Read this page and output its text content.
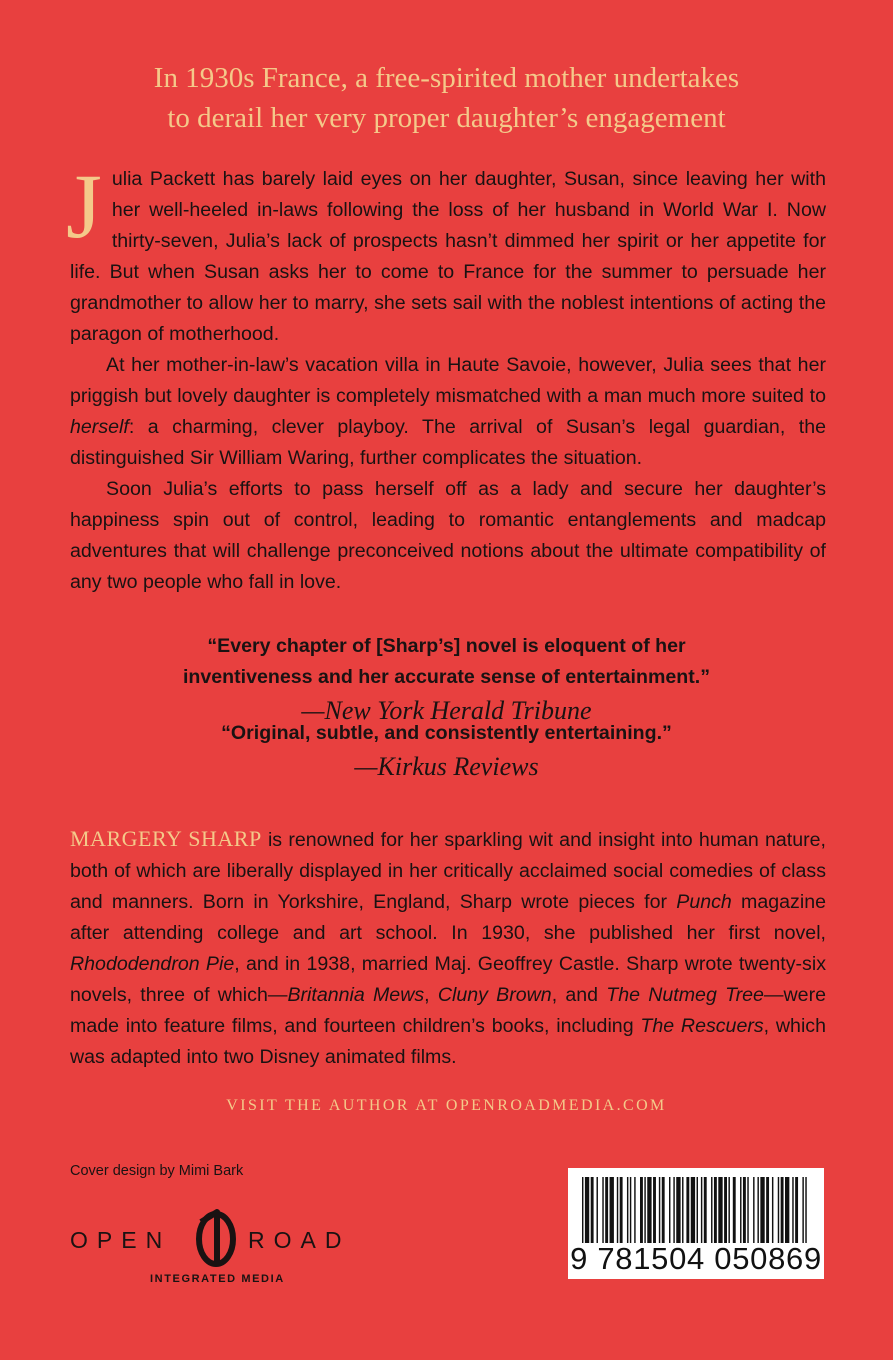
In 1930s France, a free-spirited mother undertakes
to derail her very proper daughter’s engagement

Julia Packett has barely laid eyes on her daughter, Susan, since leaving her with her well-heeled in-laws following the loss of her husband in World War I. Now thirty-seven, Julia’s lack of prospects hasn’t dimmed her spirit or her appetite for life. But when Susan asks her to come to France for the summer to persuade her grandmother to allow her to marry, she sets sail with the noblest intentions of acting the paragon of motherhood.

At her mother-in-law’s vacation villa in Haute Savoie, however, Julia sees that her priggish but lovely daughter is completely mismatched with a man much more suited to herself: a charming, clever playboy. The arrival of Susan’s legal guardian, the distinguished Sir William Waring, further complicates the situation.

Soon Julia’s efforts to pass herself off as a lady and secure her daughter’s happiness spin out of control, leading to romantic entanglements and madcap adventures that will challenge preconceived notions about the ultimate compatibility of any two people who fall in love.

“Every chapter of [Sharp’s] novel is eloquent of her
inventiveness and her accurate sense of entertainment.”
—New York Herald Tribune
“Original, subtle, and consistently entertaining.”
—Kirkus Reviews

MARGERY SHARP is renowned for her sparkling wit and insight into human nature, both of which are liberally displayed in her critically acclaimed social comedies of class and manners. Born in Yorkshire, England, Sharp wrote pieces for Punch magazine after attending college and art school. In 1930, she published her first novel, Rhododendron Pie, and in 1938, married Maj. Geoffrey Castle. Sharp wrote twenty-six novels, three of which—Britannia Mews, Cluny Brown, and The Nutmeg Tree—were made into feature films, and fourteen children’s books, including The Rescuers, which was adapted into two Disney animated films.

VISIT THE AUTHOR AT OPENROADMEDIA.COM
Cover design by Mimi Bark
OPEN	ROAD
INTEGRATED MEDIA
9 781504 050869
